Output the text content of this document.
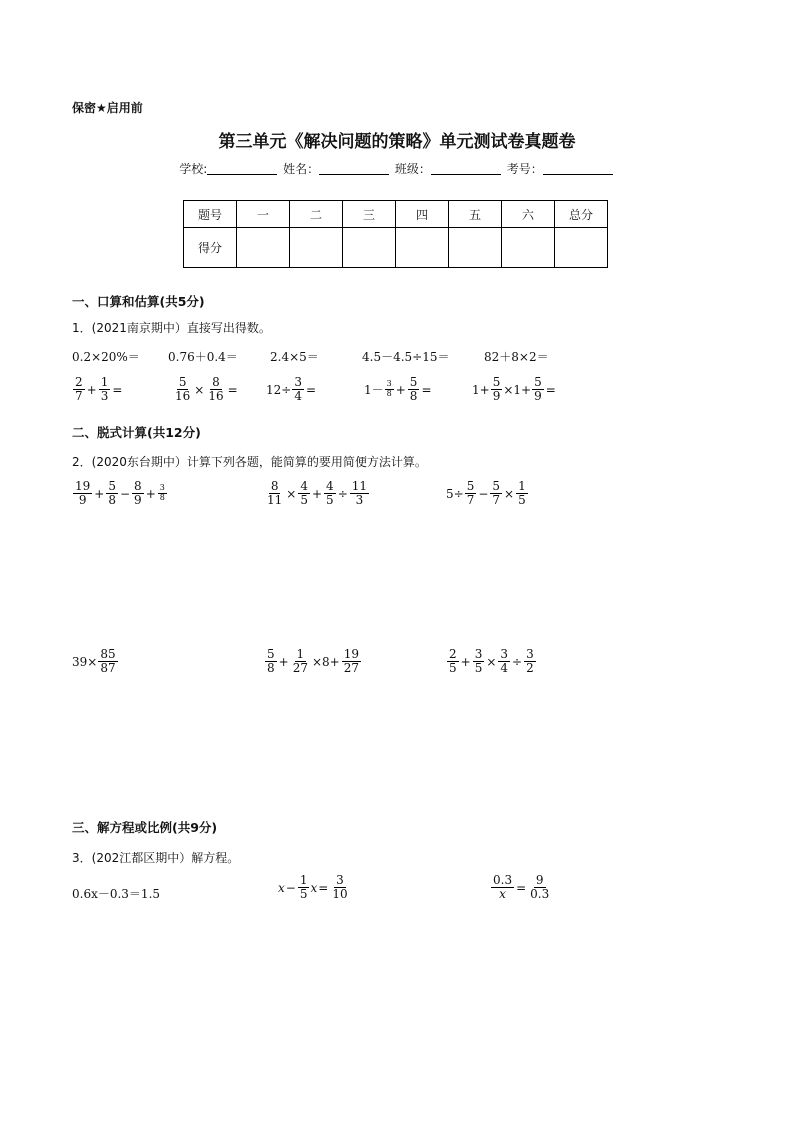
保密★启用前
第三单元《解决问题的策略》单元测试卷真题卷
学校:	姓名：	班级：	考号：
题号	一	二	三	四	五	六	总分
得分							
一、口算和估算(共5分)
1．(2021南京期中）直接写出得数。
0.2×20%＝ 0.76＋0.4＝	2.4×5＝	4.5－4.5÷15＝	82＋8×2＝
2
$7 + \frac{1}{3}$ =	$\frac{5}{16} \times \frac{8}{16} = 12\div \frac{3}{4}$ =	1－ 3
$8 + \frac{5}{8}$ =	$1+ \frac{5}{9} \times 1+ \frac{5}{9}$ =
二、脱式计算(共12分)
2．(2020东台期中）计算下列各题，能简算的要用简便方法计算。
19
$9 + \frac{5}{8} - \frac{8}{9} + \frac{3}{8}$	$\frac{8}{11} \times \frac{4}{5} + \frac{4}{5} \div \frac{11}{3}$	$5\div \frac{5}{7} - \frac{5}{7} \times \frac{1}{5}$
$39\times \frac{85}{87}$	5
$8 + \frac{1}{27} \times 8+ \frac{19}{27}$	2
$5 + \frac{3}{5} \times \frac{3}{4} \div \frac{3}{2}$
三、解方程或比例(共9分)
3．(202江都区期中）解方程。
0.6x－0.3＝1.5	$x - \frac{1}{5}$ $x = \frac{3}{10}$	$\frac{0.3}{x} = \frac{9}{0.3}$
